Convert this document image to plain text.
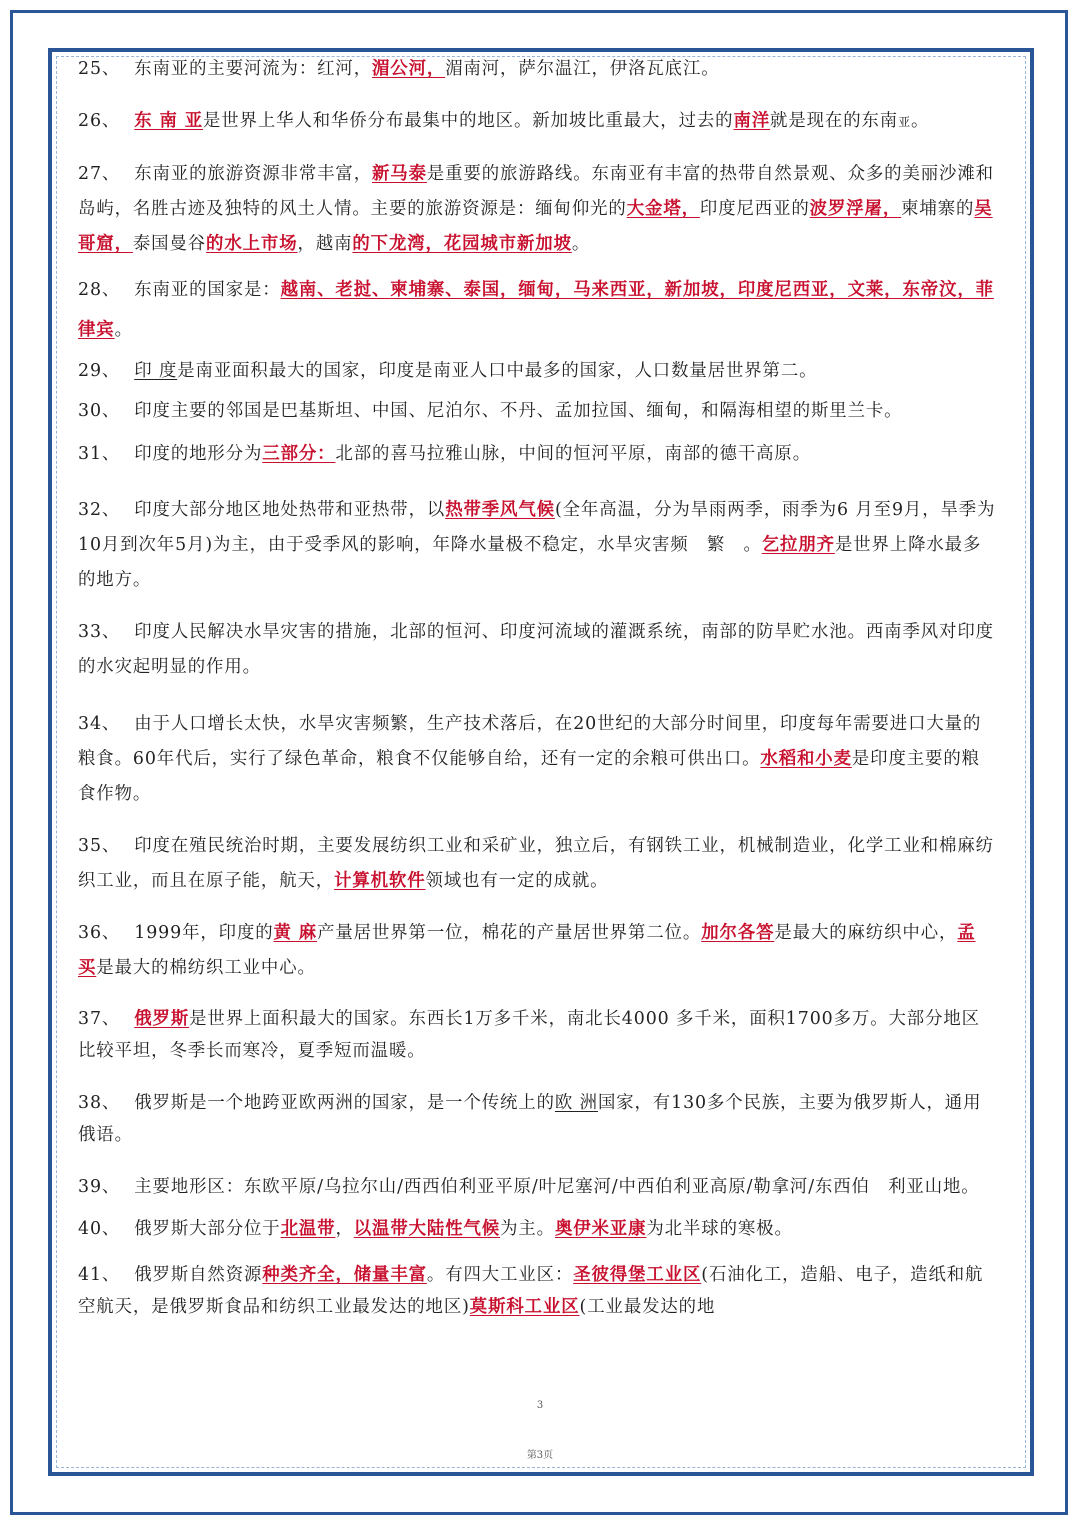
25、 东南亚的主要河流为：红河，湄公河，湄南河，萨尔温江，伊洛瓦底江。

26、 东 南 亚是世界上华人和华侨分布最集中的地区。新加坡比重最大，过去的南洋就是现在的东南亚。

27、 东南亚的旅游资源非常丰富，新马泰是重要的旅游路线。东南亚有丰富的热带自然景观、众多的美丽沙滩和岛屿，名胜古迹及独特的风土人情。主要的旅游资源是：缅甸仰光的大金塔，印度尼西亚的波罗浮屠，柬埔寨的吴哥窟，泰国曼谷的水上市场，越南的下龙湾，花园城市新加坡。

28、 东南亚的国家是：越南、老挝、柬埔寨、泰国，缅甸，马来西亚，新加坡，印度尼西亚，文莱，东帝汶，菲律宾。

29、 印 度是南亚面积最大的国家，印度是南亚人口中最多的国家，人口数量居世界第二。

30、 印度主要的邻国是巴基斯坦、中国、尼泊尔、不丹、孟加拉国、缅甸，和隔海相望的斯里兰卡。

31、 印度的地形分为三部分：北部的喜马拉雅山脉，中间的恒河平原，南部的德干高原。

32、 印度大部分地区地处热带和亚热带，以热带季风气候(全年高温，分为旱雨两季，雨季为6 月至9月，旱季为10月到次年5月)为主，由于受季风的影响，年降水量极不稳定，水旱灾害频　繁　。乞拉朋齐是世界上降水最多的地方。

33、 印度人民解决水旱灾害的措施，北部的恒河、印度河流域的灌溉系统，南部的防旱贮水池。西南季风对印度的水灾起明显的作用。

34、 由于人口增长太快，水旱灾害频繁，生产技术落后，在20世纪的大部分时间里，印度每年需要进口大量的粮食。60年代后，实行了绿色革命，粮食不仅能够自给，还有一定的余粮可供出口。水稻和小麦是印度主要的粮食作物。

35、 印度在殖民统治时期，主要发展纺织工业和采矿业，独立后，有钢铁工业，机械制造业，化学工业和棉麻纺织工业，而且在原子能，航天，计算机软件领域也有一定的成就。

36、 1999年，印度的黄 麻产量居世界第一位，棉花的产量居世界第二位。加尔各答是最大的麻纺织中心，孟 买是最大的棉纺织工业中心。

37、 俄罗斯是世界上面积最大的国家。东西长1万多千米，南北长4000 多千米，面积1700多万。大部分地区比较平坦，冬季长而寒冷，夏季短而温暖。

38、 俄罗斯是一个地跨亚欧两洲的国家，是一个传统上的欧 洲国家，有130多个民族，主要为俄罗斯人，通用俄语。

39、 主要地形区：东欧平原/乌拉尔山/西西伯利亚平原/叶尼塞河/中西伯利亚高原/勒拿河/东西伯　利亚山地。

40、 俄罗斯大部分位于北温带，以温带大陆性气候为主。奥伊米亚康为北半球的寒极。

41、 俄罗斯自然资源种类齐全，储量丰富。有四大工业区：圣彼得堡工业区(石油化工，造船、电子，造纸和航空航天，是俄罗斯食品和纺织工业最发达的地区)莫斯科工业区(工业最发达的地

3
第3页
